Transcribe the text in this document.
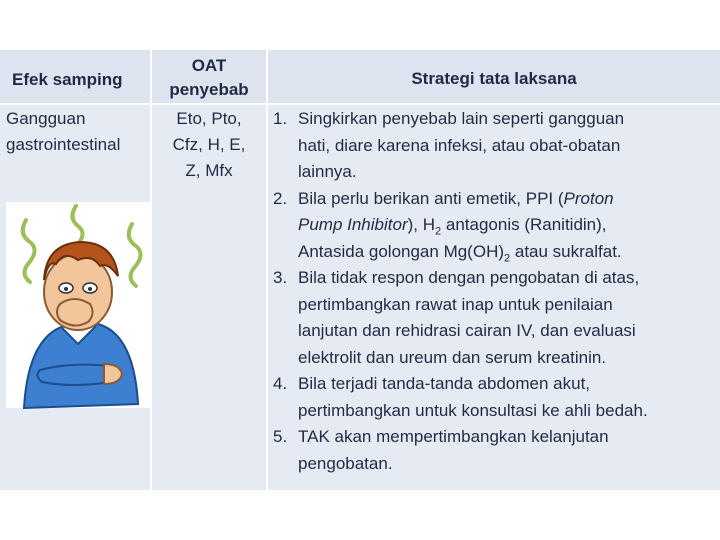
Efek samping
OAT
penyebab
Strategi tata laksana
Gangguan
gastrointestinal
Eto, Pto,
Cfz, H, E,
Z, Mfx
1. Singkirkan penyebab lain seperti gangguan
hati, diare karena infeksi, atau obat-obatan
lainnya.
2. Bila perlu berikan anti emetik, PPI (Proton
Pump Inhibitor), $H_2$ antagonis (Ranitidin),
Antasida golongan $Mg(OH)_2$ atau sukralfat.
3. Bila tidak respon dengan pengobatan di atas,
pertimbangkan rawat inap untuk penilaian
lanjutan dan rehidrasi cairan IV, dan evaluasi
elektrolit dan ureum dan serum kreatinin.
4. Bila terjadi tanda-tanda abdomen akut,
pertimbangkan untuk konsultasi ke ahli bedah.
5. TAK akan mempertimbangkan kelanjutan
pengobatan.
